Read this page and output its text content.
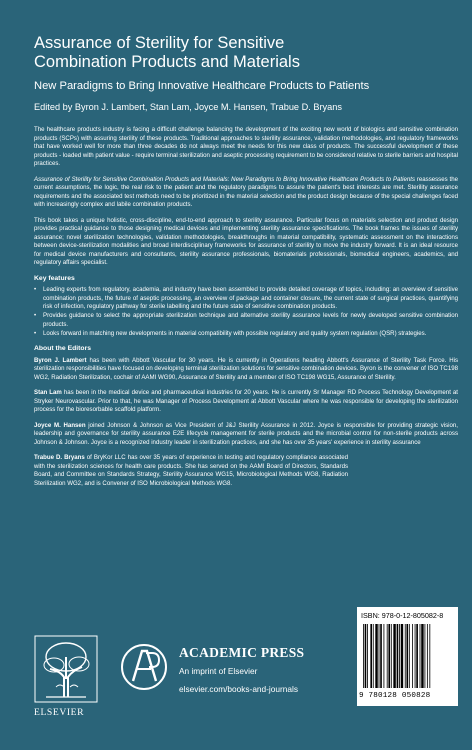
Assurance of Sterility for Sensitive
Combination Products and Materials
New Paradigms to Bring Innovative Healthcare Products to Patients
Edited by Byron J. Lambert, Stan Lam, Joyce M. Hansen, Trabue D. Bryans

The healthcare products industry is facing a difficult challenge balancing the development of the exciting new world of biologics and sensitive combination products (SCPs) with assuring sterility of these products. Traditional approaches to sterility assurance, validation methodologies, and regulatory frameworks that have worked well for more than three decades do not always meet the needs for this new class of products. The successful development of these products - loaded with patient value - require terminal sterilization and aseptic processing requirement to be considered relative to sterile barriers and hospital practices.

Assurance of Sterility for Sensitive Combination Products and Materials: New Paradigms to Bring Innovative Healthcare Products to Patients reassesses the current assumptions, the logic, the real risk to the patient and the regulatory paradigms to assure the patient's best interests are met. Sterility assurance requirements and the associated test methods need to be prioritized in the material selection and the product design because of the special challenges faced with increasingly complex and labile combination products.

This book takes a unique holistic, cross-discipline, end-to-end approach to sterility assurance. Particular focus on materials selection and product design provides practical guidance to those designing medical devices and implementing sterility assurance specifications. The book frames the issues of sterility assurance; novel sterilization technologies, validation methodologies, breakthroughs in material compatibility, systematic assessment on the interactions between device-sterilization modalities and broad interdisciplinary frameworks for assurance of sterility to move the industry forward. It is an ideal resource for medical device manufacturers and consultants, sterility assurance professionals, biomaterials professionals, biomedical engineers, academics, and regulatory affairs specialist.

Key features
• Leading experts from regulatory, academia, and industry have been assembled to provide detailed coverage of topics, including: an overview of sensitive combination products, the future of aseptic processing, an overview of package and container closure, the current state of surgical practices, quantifying risk of infection, regulatory pathway for sterile labelling and the future state of sensitive combination products.
• Provides guidance to select the appropriate sterilization technique and alternative sterility assurance levels for newly developed sensitive combination products.
• Looks forward in matching new developments in material compatibility with possible regulatory and quality system regulation (QSR) strategies.
About the Editors

Byron J. Lambert has been with Abbott Vascular for 30 years. He is currently in Operations heading Abbott's Assurance of Sterility Task Force. His sterilization responsibilities have focused on developing terminal sterilization solutions for sensitive combination devices. Byron is the convener of ISO TC198 WG2, Radiation Sterilization, cochair of AAMI WG90, Assurance of Sterility and a member of ISO TC198 WG15, Assurance of Sterility.

Stan Lam has been in the medical device and pharmaceutical industries for 20 years. He is currently Sr Manager RD Process Technology Development at Stryker Neurovascular. Prior to that, he was Manager of Process Development at Abbott Vascular where he was responsible for developing the sterilization process for the bioresorbable scaffold platform.

Joyce M. Hansen joined Johnson & Johnson as Vice President of J&J Sterility Assurance in 2012. Joyce is responsible for providing strategic vision, leadership and governance for sterility assurance E2E lifecycle management for sterile products and the microbial control for non-sterile products across Johnson & Johnson. Joyce is a recognized industry leader in sterilization practices, and she has over 35 years' experience in sterility assurance

Trabue D. Bryans of BryKor LLC has over 35 years of experience in testing and regulatory compliance associated with the sterilization sciences for health care products. She has served on the AAMI Board of Directors, Standards Board, and Committee on Standards Strategy, Sterility Assurance WG15, Microbiological Methods WG8, Radiation Sterilization WG2, and is Convener of ISO Microbiological Methods WG8.

ISBN: 978-0-12-805082-8
9 780128 050828
ELSEVIER
ACADEMIC PRESS
An imprint of Elsevier
elsevier.com/books-and-journals
